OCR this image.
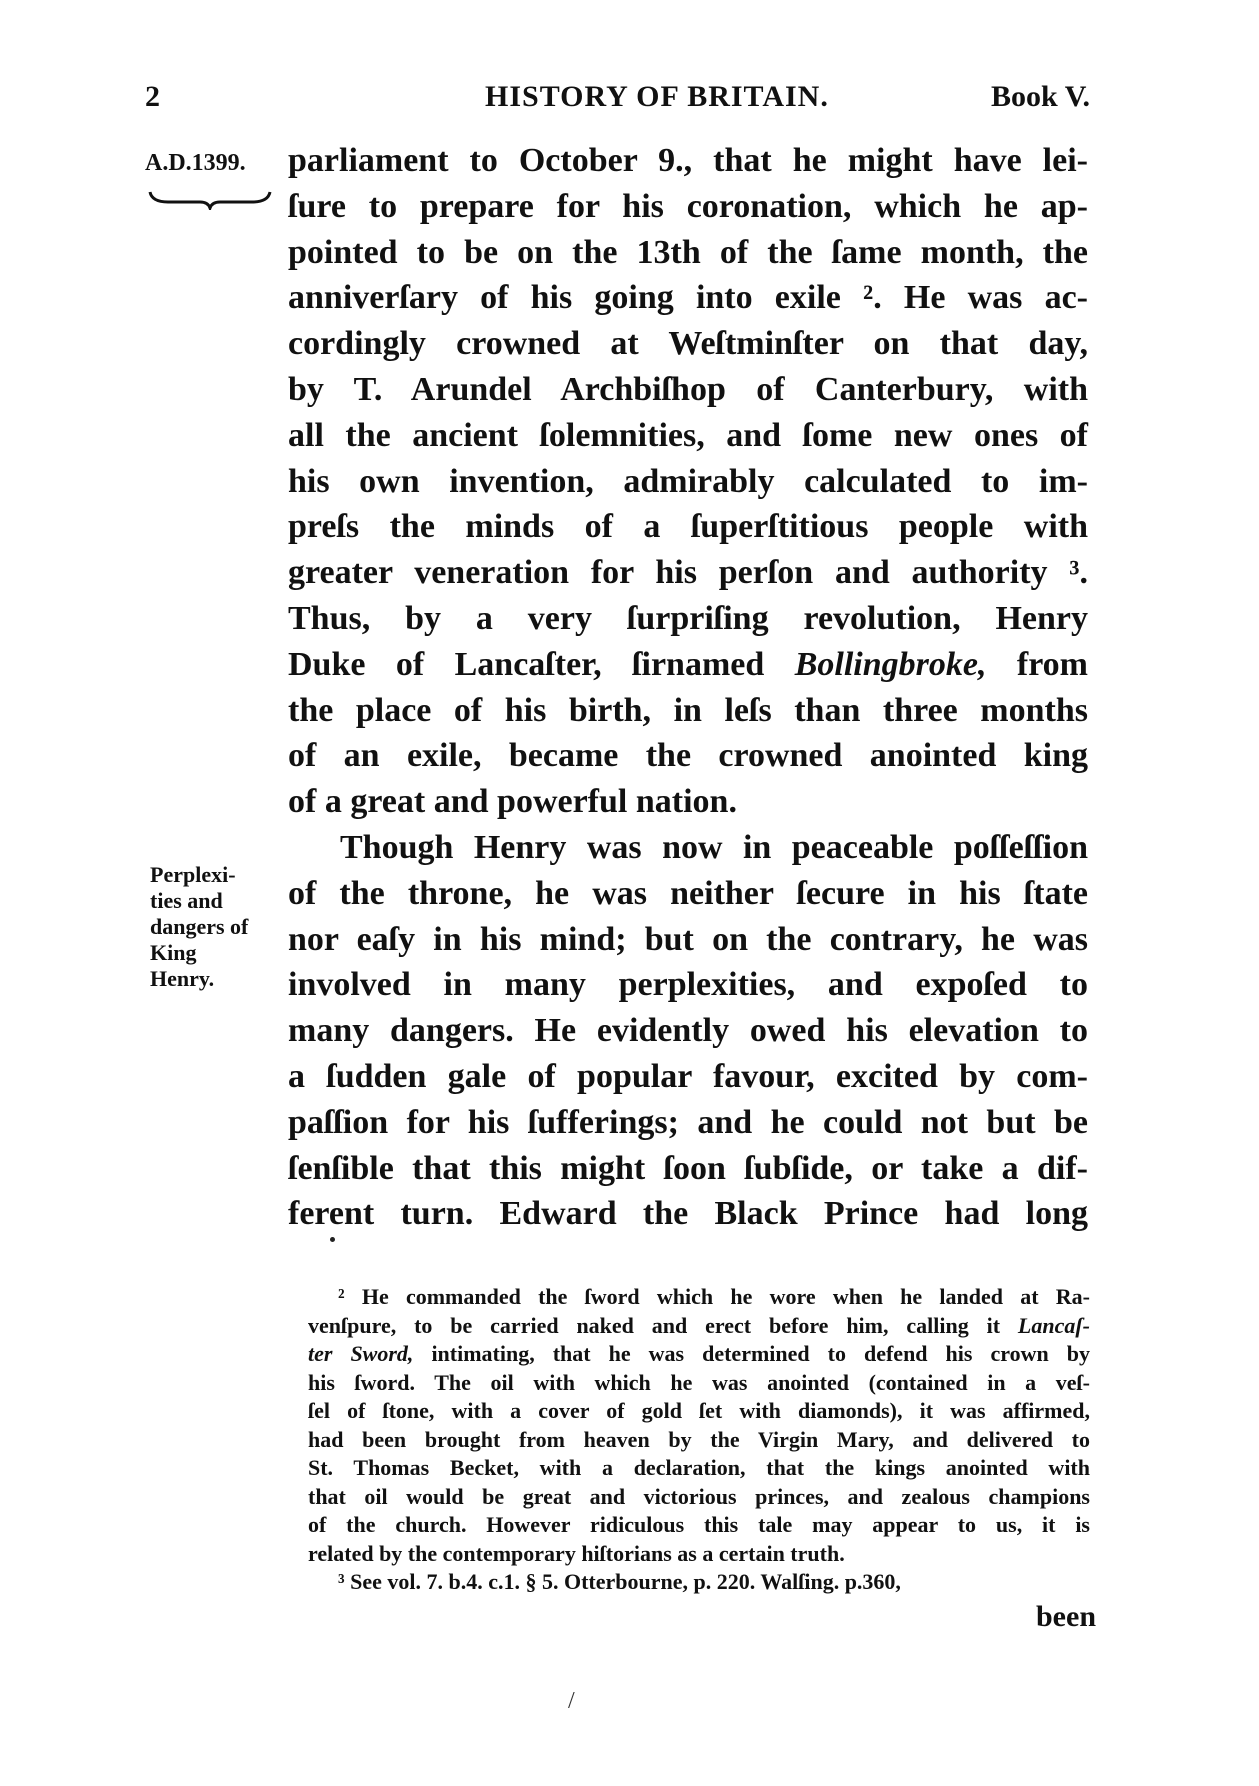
2	HISTORY OF BRITAIN.	Book V.
A.D.1399. parliament to October 9., that he might have lei-
ſure to prepare for his coronation, which he ap-
pointed to be on the 13th of the ſame month, the
anniverſary of his going into exile ². He was ac-
cordingly crowned at Weſtminſter on that day,
by T. Arundel Archbiſhop of Canterbury, with
all the ancient ſolemnities, and ſome new ones of
his own invention, admirably calculated to im-
preſs the minds of a ſuperſtitious people with
greater veneration for his perſon and authority ³.
Thus, by a very ſurpriſing revolution, Henry
Duke of Lancaſter, ſirnamed Bollingbroke, from
the place of his birth, in leſs than three months
of an exile, became the crowned anointed king
of a great and powerful nation.
Though Henry was now in peaceable poſſeſſion
of the throne, he was neither ſecure in his ſtate
nor eaſy in his mind; but on the contrary, he was
involved in many perplexities, and expoſed to
many dangers. He evidently owed his elevation to
a ſudden gale of popular favour, excited by com-
paſſion for his ſufferings; and he could not but be
ſenſible that this might ſoon ſubſide, or take a dif-
ferent turn. Edward the Black Prince had long
Perplexi-
ties and
dangers of
King
Henry.
² He commanded the ſword which he wore when he landed at Ra-
venſpure, to be carried naked and erect before him, calling it Lancaſ-
ter Sword, intimating, that he was determined to defend his crown by
his ſword. The oil with which he was anointed (contained in a veſ-
ſel of ſtone, with a cover of gold ſet with diamonds), it was affirmed,
had been brought from heaven by the Virgin Mary, and delivered to
St. Thomas Becket, with a declaration, that the kings anointed with
that oil would be great and victorious princes, and zealous champions
of the church. However ridiculous this tale may appear to us, it is
related by the contemporary hiſtorians as a certain truth.
³ See vol. 7. b.4. c.1. § 5. Otterbourne, p. 220. Walſing. p.360,
been
/
